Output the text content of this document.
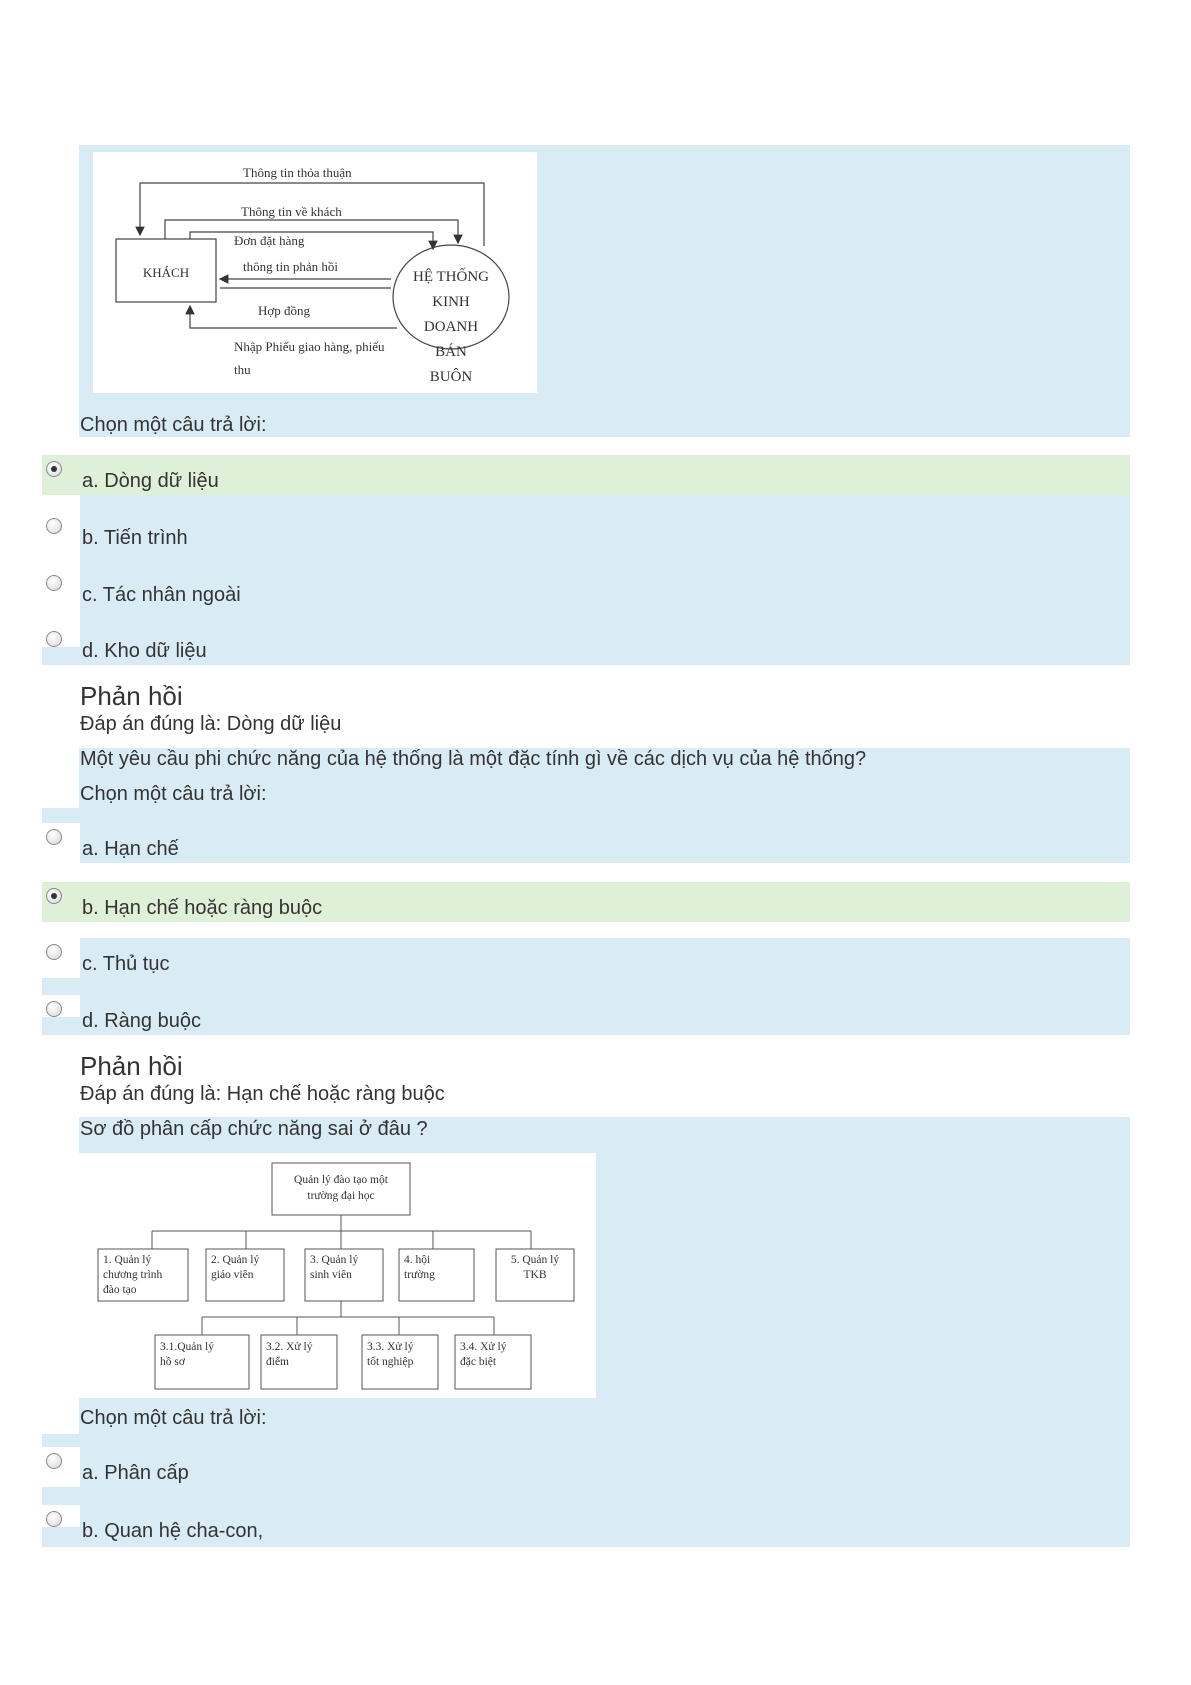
KHÁCH	HỆ THỐNG
KINH
DOANH
BÁN
BUÔN
Thông tin thỏa thuận
Thông tin về khách
Đơn đặt hàng
thông tin phản hồi
Hợp đồng
Nhập Phiếu giao hàng, phiếu
thu
Chọn một câu trả lời:
a. Dòng dữ liệu
b. Tiến trình
c. Tác nhân ngoài
d. Kho dữ liệu
Phản hồi
Đáp án đúng là: Dòng dữ liệu
Một yêu cầu phi chức năng của hệ thống là một đặc tính gì về các dịch vụ của hệ thống?
Chọn một câu trả lời:
a. Hạn chế
b. Hạn chế hoặc ràng buộc
c. Thủ tục
d. Ràng buộc
Phản hồi
Đáp án đúng là: Hạn chế hoặc ràng buộc
Sơ đồ phân cấp chức năng sai ở đâu ?
Quản lý đào tạo một
trường đại học
1. Quản lý
chương trình
đào tạo
2. Quản lý
giáo viên
3. Quản lý
sinh viên
4. hội
trường
5. Quản lý
TKB
3.1.Quản lý
hồ sơ
3.2. Xử lý
điểm
3.3. Xử lý
tốt nghiệp
3.4. Xử lý
đặc biệt
Chọn một câu trả lời:
a. Phân cấp
b. Quan hệ cha-con,
